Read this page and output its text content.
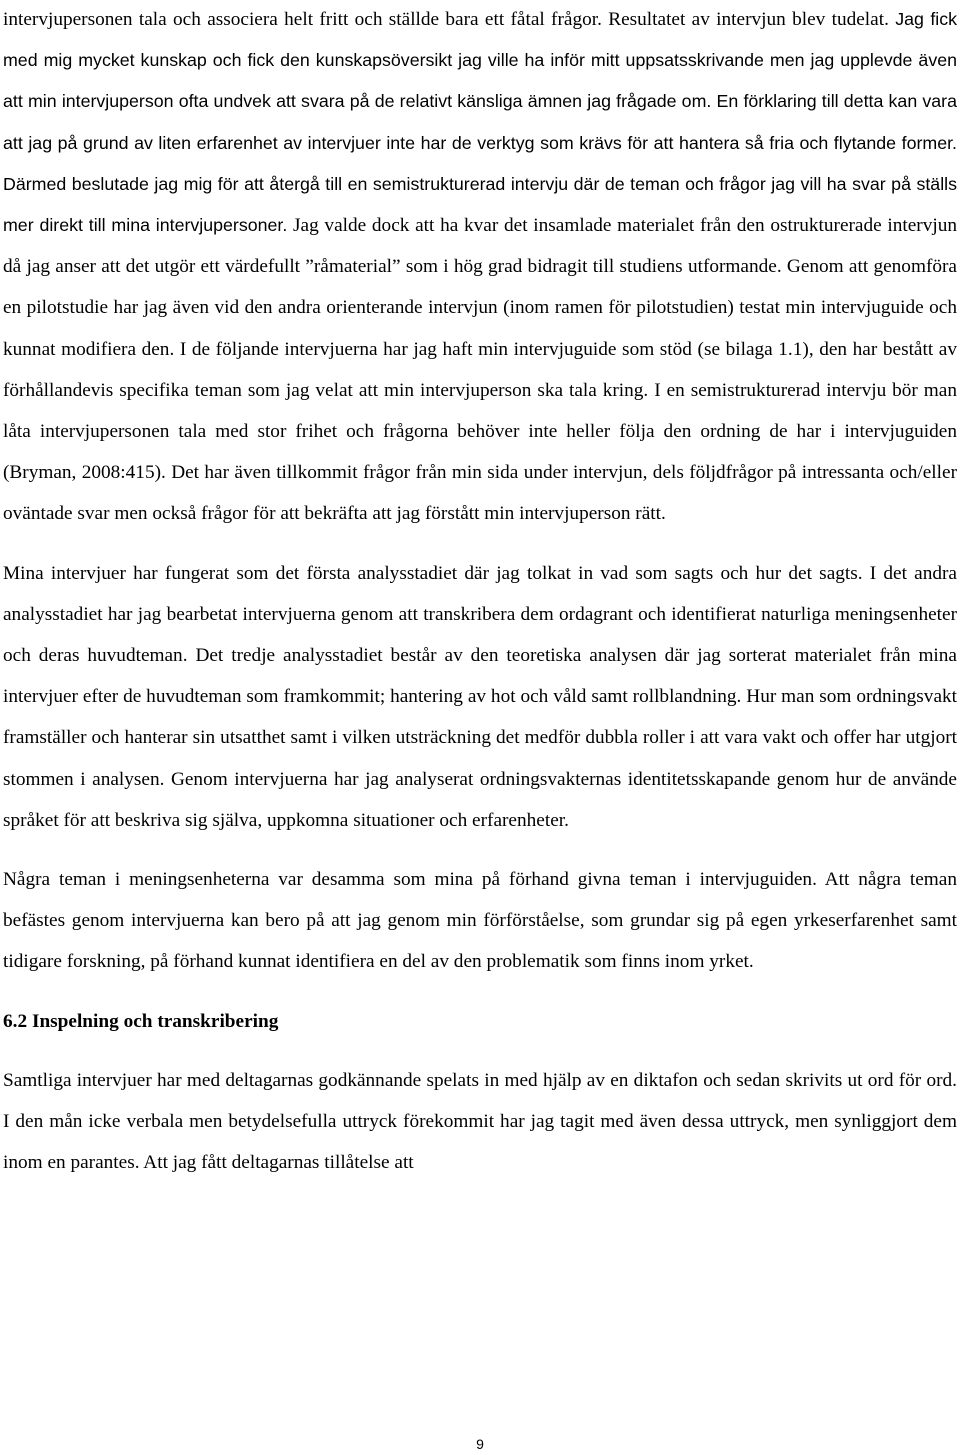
intervjupersonen tala och associera helt fritt och ställde bara ett fåtal frågor. Resultatet av intervjun blev tudelat. Jag fick med mig mycket kunskap och fick den kunskapsöversikt jag ville ha inför mitt uppsatsskrivande men jag upplevde även att min intervjuperson ofta undvek att svara på de relativt känsliga ämnen jag frågade om. En förklaring till detta kan vara att jag på grund av liten erfarenhet av intervjuer inte har de verktyg som krävs för att hantera så fria och flytande former. Därmed beslutade jag mig för att återgå till en semistrukturerad intervju där de teman och frågor jag vill ha svar på ställs mer direkt till mina intervjupersoner. Jag valde dock att ha kvar det insamlade materialet från den ostrukturerade intervjun då jag anser att det utgör ett värdefullt ”råmaterial” som i hög grad bidragit till studiens utformande. Genom att genomföra en pilotstudie har jag även vid den andra orienterande intervjun (inom ramen för pilotstudien) testat min intervjuguide och kunnat modifiera den. I de följande intervjuerna har jag haft min intervjuguide som stöd (se bilaga 1.1), den har bestått av förhållandevis specifika teman som jag velat att min intervjuperson ska tala kring. I en semistrukturerad intervju bör man låta intervjupersonen tala med stor frihet och frågorna behöver inte heller följa den ordning de har i intervjuguiden (Bryman, 2008:415). Det har även tillkommit frågor från min sida under intervjun, dels följdfrågor på intressanta och/eller oväntade svar men också frågor för att bekräfta att jag förstått min intervjuperson rätt.

Mina intervjuer har fungerat som det första analysstadiet där jag tolkat in vad som sagts och hur det sagts. I det andra analysstadiet har jag bearbetat intervjuerna genom att transkribera dem ordagrant och identifierat naturliga meningsenheter och deras huvudteman. Det tredje analysstadiet består av den teoretiska analysen där jag sorterat materialet från mina intervjuer efter de huvudteman som framkommit; hantering av hot och våld samt rollblandning. Hur man som ordningsvakt framställer och hanterar sin utsatthet samt i vilken utsträckning det medför dubbla roller i att vara vakt och offer har utgjort stommen i analysen. Genom intervjuerna har jag analyserat ordningsvakternas identitetsskapande genom hur de använde språket för att beskriva sig själva, uppkomna situationer och erfarenheter.

Några teman i meningsenheterna var desamma som mina på förhand givna teman i intervjuguiden. Att några teman befästes genom intervjuerna kan bero på att jag genom min förförståelse, som grundar sig på egen yrkeserfarenhet samt tidigare forskning, på förhand kunnat identifiera en del av den problematik som finns inom yrket.

6.2 Inspelning och transkribering

Samtliga intervjuer har med deltagarnas godkännande spelats in med hjälp av en diktafon och sedan skrivits ut ord för ord. I den mån icke verbala men betydelsefulla uttryck förekommit har jag tagit med även dessa uttryck, men synliggjort dem inom en parantes. Att jag fått deltagarnas tillåtelse att

9
